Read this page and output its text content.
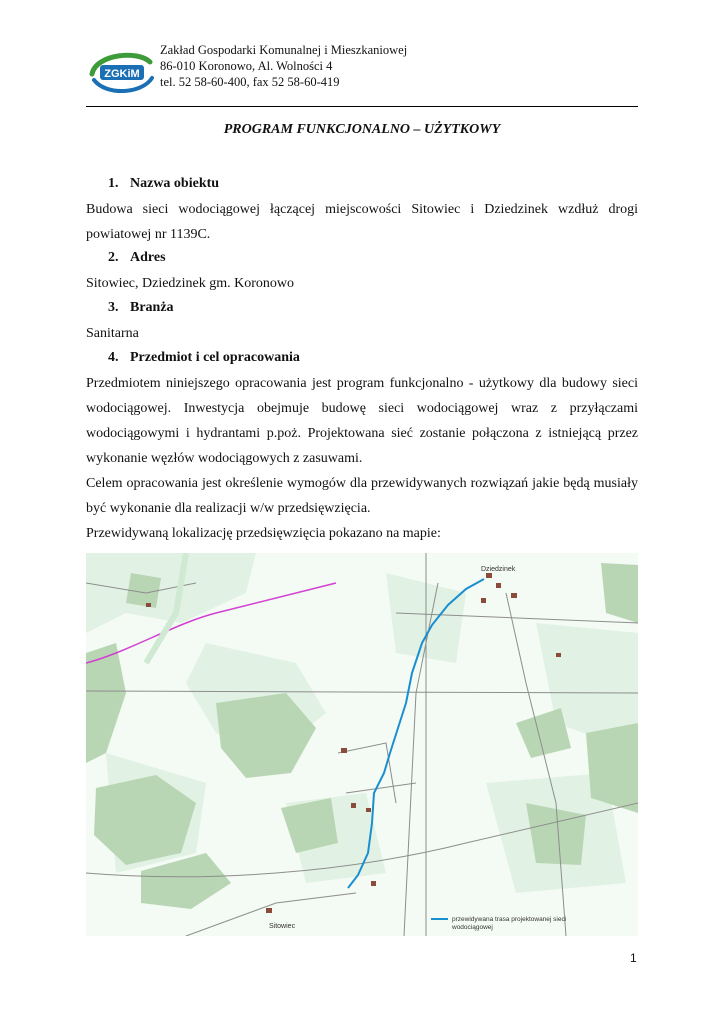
ZGKiM
Zakład Gospodarki Komunalnej i Mieszkaniowej
86-010 Koronowo, Al. Wolności 4
tel. 52 58-60-400, fax 52 58-60-419
PROGRAM FUNKCJONALNO – UŻYTKOWY
1. Nazwa obiektu

Budowa sieci wodociągowej łączącej miejscowości Sitowiec i Dziedzinek wzdłuż drogi powiatowej nr 1139C.

2. Adres

Sitowiec, Dziedzinek gm. Koronowo

3. Branża

Sanitarna

4. Przedmiot i cel opracowania

Przedmiotem niniejszego opracowania jest program funkcjonalno - użytkowy dla budowy sieci wodociągowej. Inwestycja obejmuje budowę sieci wodociągowej wraz z przyłączami wodociągowymi i hydrantami p.poż. Projektowana sieć zostanie połączona z istniejącą przez wykonanie węzłów wodociągowych z zasuwami.

Celem opracowania jest określenie wymogów dla przewidywanych rozwiązań jakie będą musiały być wykonanie dla realizacji w/w przedsięwzięcia.

Przewidywaną lokalizację przedsięwzięcia pokazano na mapie:

Dziedzinek
Sitowiec
przewidywana trasa projektowanej sieci
wodociągowej
1
